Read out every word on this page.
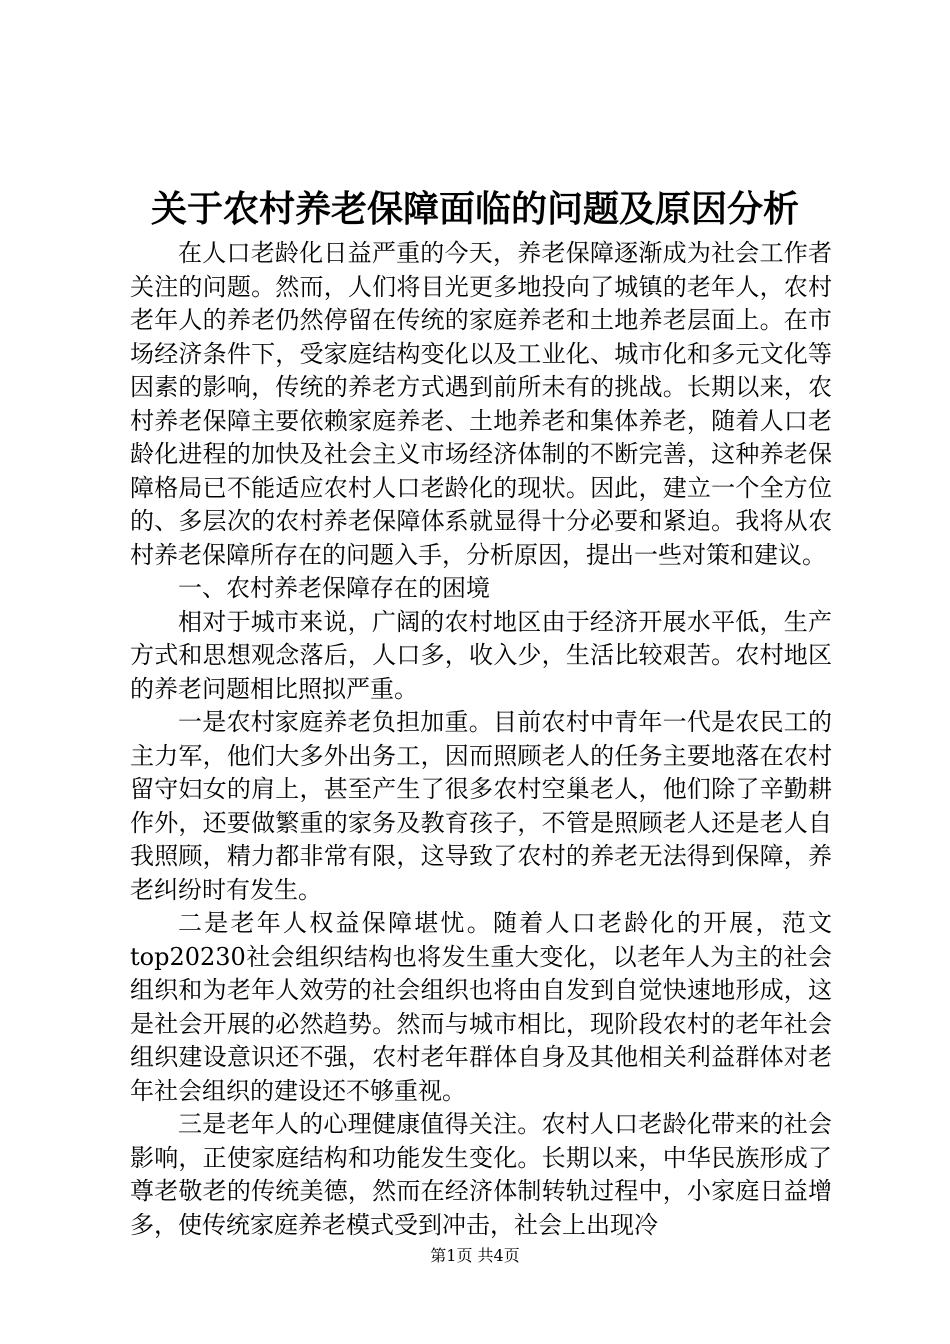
关于农村养老保障面临的问题及原因分析

在人口老龄化日益严重的今天，养老保障逐渐成为社会工作者关注的问题。然而，人们将目光更多地投向了城镇的老年人，农村老年人的养老仍然停留在传统的家庭养老和土地养老层面上。在市场经济条件下，受家庭结构变化以及工业化、城市化和多元文化等因素的影响，传统的养老方式遇到前所未有的挑战。长期以来，农村养老保障主要依赖家庭养老、土地养老和集体养老，随着人口老龄化进程的加快及社会主义市场经济体制的不断完善，这种养老保障格局已不能适应农村人口老龄化的现状。因此，建立一个全方位的、多层次的农村养老保障体系就显得十分必要和紧迫。我将从农村养老保障所存在的问题入手，分析原因，提出一些对策和建议。

一、农村养老保障存在的困境

相对于城市来说，广阔的农村地区由于经济开展水平低，生产方式和思想观念落后，人口多，收入少，生活比较艰苦。农村地区的养老问题相比照拟严重。

一是农村家庭养老负担加重。目前农村中青年一代是农民工的主力军，他们大多外出务工，因而照顾老人的任务主要地落在农村留守妇女的肩上，甚至产生了很多农村空巢老人，他们除了辛勤耕作外，还要做繁重的家务及教育孩子，不管是照顾老人还是老人自我照顾，精力都非常有限，这导致了农村的养老无法得到保障，养老纠纷时有发生。

二是老年人权益保障堪忧。随着人口老龄化的开展，范文top20230社会组织结构也将发生重大变化，以老年人为主的社会组织和为老年人效劳的社会组织也将由自发到自觉快速地形成，这是社会开展的必然趋势。然而与城市相比，现阶段农村的老年社会组织建设意识还不强，农村老年群体自身及其他相关利益群体对老年社会组织的建设还不够重视。

三是老年人的心理健康值得关注。农村人口老龄化带来的社会影响，正使家庭结构和功能发生变化。长期以来，中华民族形成了尊老敬老的传统美德，然而在经济体制转轨过程中，小家庭日益增多，使传统家庭养老模式受到冲击，社会上出现冷

第1页 共4页
